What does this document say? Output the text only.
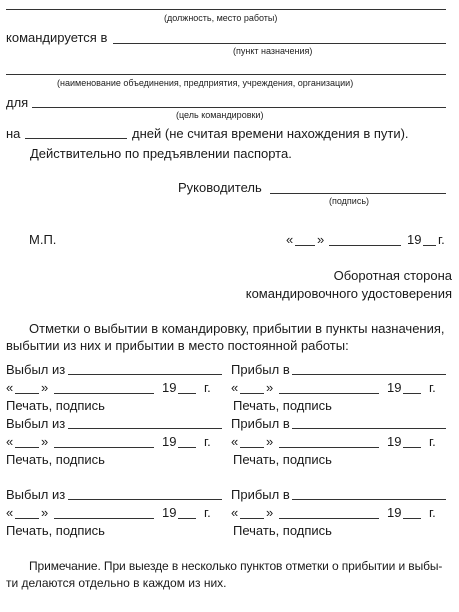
(должность, место работы)
командируется в
(пункт назначения)
(наименование объединения, предприятия, учреждения, организации)
для
(цель командировки)
на	дней (не считая времени нахождения в пути).
Действительно по предъявлении паспорта.
Руководитель
(подпись)
М.П.	« »	19 г.
Оборотная сторона
командировочного удостоверения
Отметки о выбытии в командировку, прибытии в пункты назначения,
выбытии из них и прибытии в место постоянной работы:
Выбыл из	Прибыл в
« »	19 г. « »	19 г.
Печать, подпись	Печать, подпись
Выбыл из	Прибыл в
« »	19 г. « »	19 г.
Печать, подпись	Печать, подпись
Выбыл из	Прибыл в
« »	19 г. « »	19 г.
Печать, подпись	Печать, подпись
Примечание. При выезде в несколько пунктов отметки о прибытии и выбы-
ти делаются отдельно в каждом из них.
